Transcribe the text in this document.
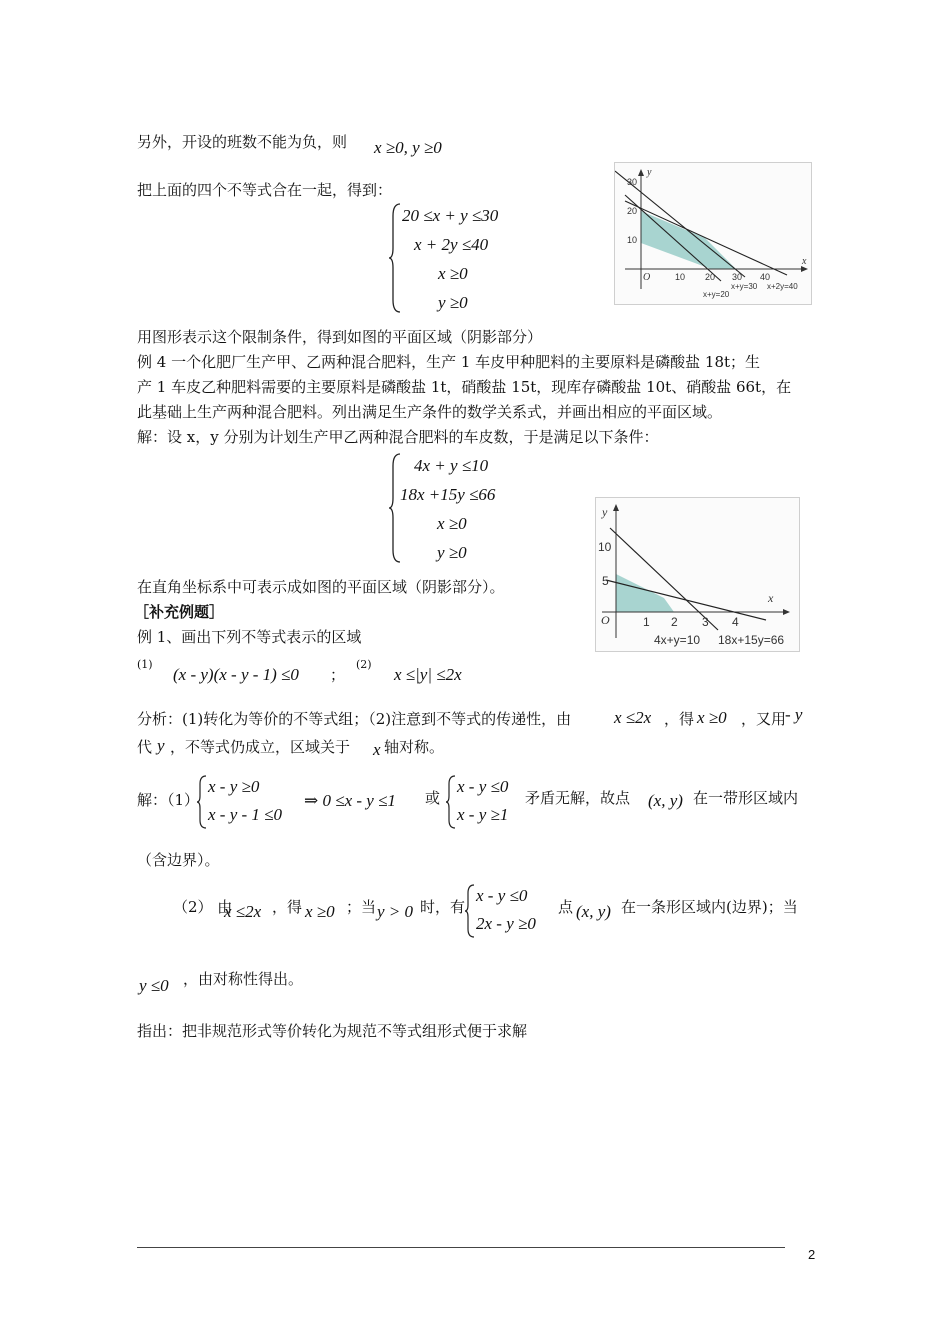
另外，开设的班数不能为负，则 x ≥0, y ≥0
把上面的四个不等式合在一起，得到：
20 ≤x + y ≤30
x + 2y ≤40
x ≥0
y ≥0
y
x
O
30
20
10
10 20 30 40
x+y=30 x+2y=40
x+y=20
用图形表示这个限制条件，得到如图的平面区域（阴影部分）
例 4 一个化肥厂生产甲、乙两种混合肥料，生产 1 车皮甲种肥料的主要原料是磷酸盐 18t；生
产 1 车皮乙种肥料需要的主要原料是磷酸盐 1t，硝酸盐 15t，现库存磷酸盐 10t、硝酸盐 66t，在
此基础上生产两种混合肥料。列出满足生产条件的数学关系式，并画出相应的平面区域。
解：设 x，y 分别为计划生产甲乙两种混合肥料的车皮数，于是满足以下条件：
4x + y ≤10
18x +15y ≤66
x ≥0
y ≥0
y
x
O
10
5
1 2 3 4
4x+y=10 18x+15y=66
在直角坐标系中可表示成如图的平面区域（阴影部分）。
［补充例题］
例 1、画出下列不等式表示的区域
(1)
(x - y)(x - y - 1) ≤0 ；
(2)
x ≤|y| ≤2x
分析：(1)转化为等价的不等式组；（2)注意到不等式的传递性，由	x ≤2x ，得 x ≥0 ，又用
- y
代 y ，不等式仍成立，区域关于 x 轴对称。
解：（1）
x - y ≥0
x - y - 1 ≤0
⇒ 0 ≤x - y ≤1 或
x - y ≤0
x - y ≥1
矛盾无解，故点 (x, y) 在一带形区域内
（含边界）。
（2） 由
x ≤2x ，得 x ≥0 ；当 y > 0 时，有
x - y ≤0
2x - y ≥0
点 (x, y) 在一条形区域内(边界)；当
y ≤0 ，由对称性得出。
指出：把非规范形式等价转化为规范不等式组形式便于求解
2
